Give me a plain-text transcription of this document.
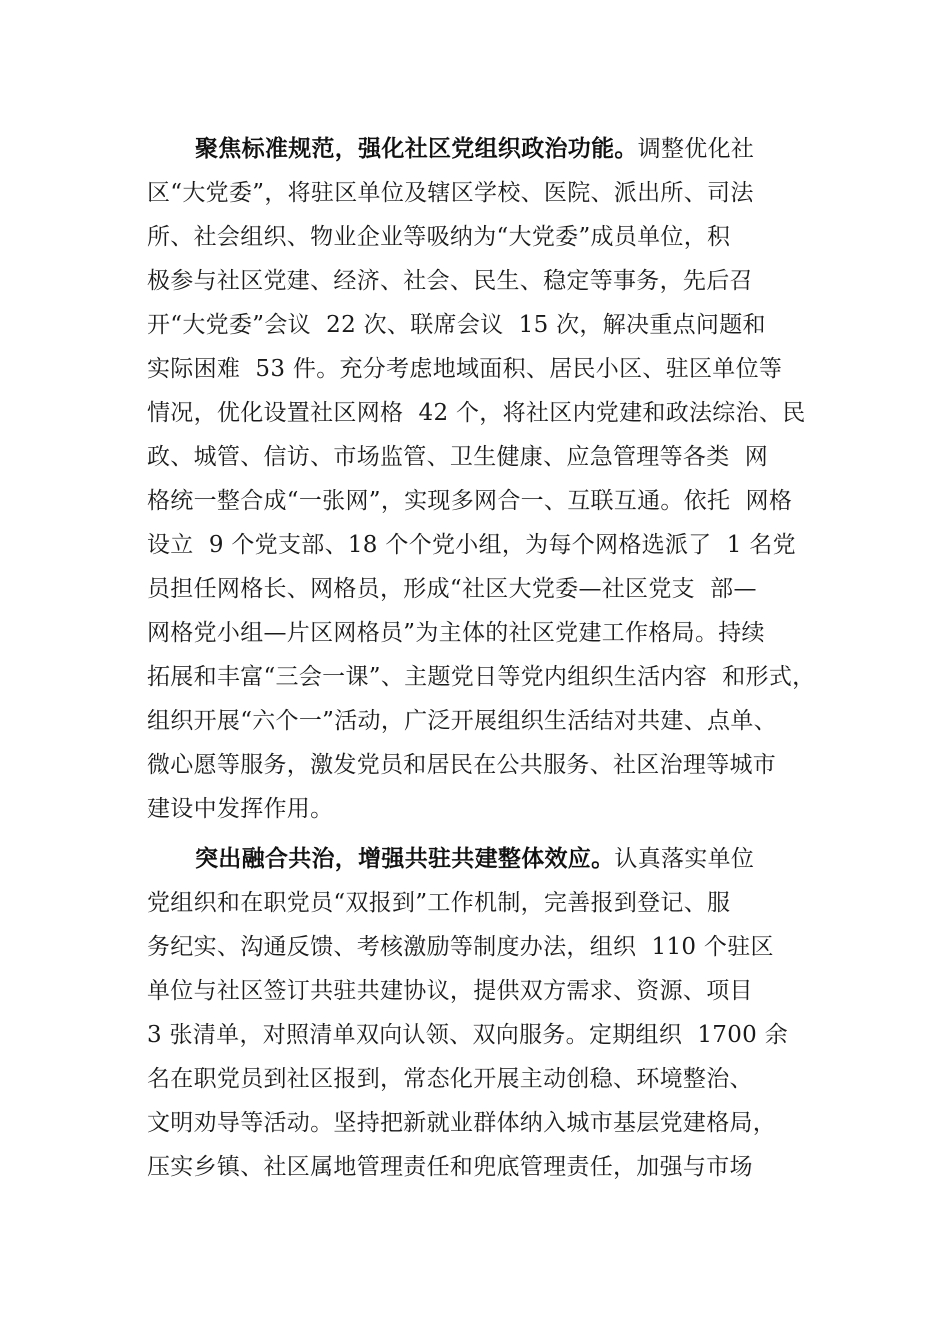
聚焦标准规范，强化社区党组织政治功能。调整优化社
区“大党委”，将驻区单位及辖区学校、医院、派出所、司法
所、社会组织、物业企业等吸纳为“大党委”成员单位，积
极参与社区党建、经济、社会、民生、稳定等事务，先后召
开“大党委”会议  22 次、联席会议  15 次，解决重点问题和
实际困难  53 件。充分考虑地域面积、居民小区、驻区单位等
情况，优化设置社区网格  42 个，将社区内党建和政法综治、民
政、城管、信访、市场监管、卫生健康、应急管理等各类  网
格统一整合成“一张网”，实现多网合一、互联互通。依托  网格
设立  9 个党支部、18 个个党小组，为每个网格选派了  1 名党
员担任网格长、网格员，形成“社区大党委—社区党支  部—
网格党小组—片区网格员”为主体的社区党建工作格局。持续
拓展和丰富“三会一课”、主题党日等党内组织生活内容  和形式，
组织开展“六个一”活动，广泛开展组织生活结对共建、点单、
微心愿等服务，激发党员和居民在公共服务、社区治理等城市
建设中发挥作用。
突出融合共治，增强共驻共建整体效应。认真落实单位
党组织和在职党员“双报到”工作机制，完善报到登记、服
务纪实、沟通反馈、考核激励等制度办法，组织  110 个驻区
单位与社区签订共驻共建协议，提供双方需求、资源、项目
3 张清单，对照清单双向认领、双向服务。定期组织  1700 余
名在职党员到社区报到，常态化开展主动创稳、环境整治、
文明劝导等活动。坚持把新就业群体纳入城市基层党建格局，
压实乡镇、社区属地管理责任和兜底管理责任，加强与市场
